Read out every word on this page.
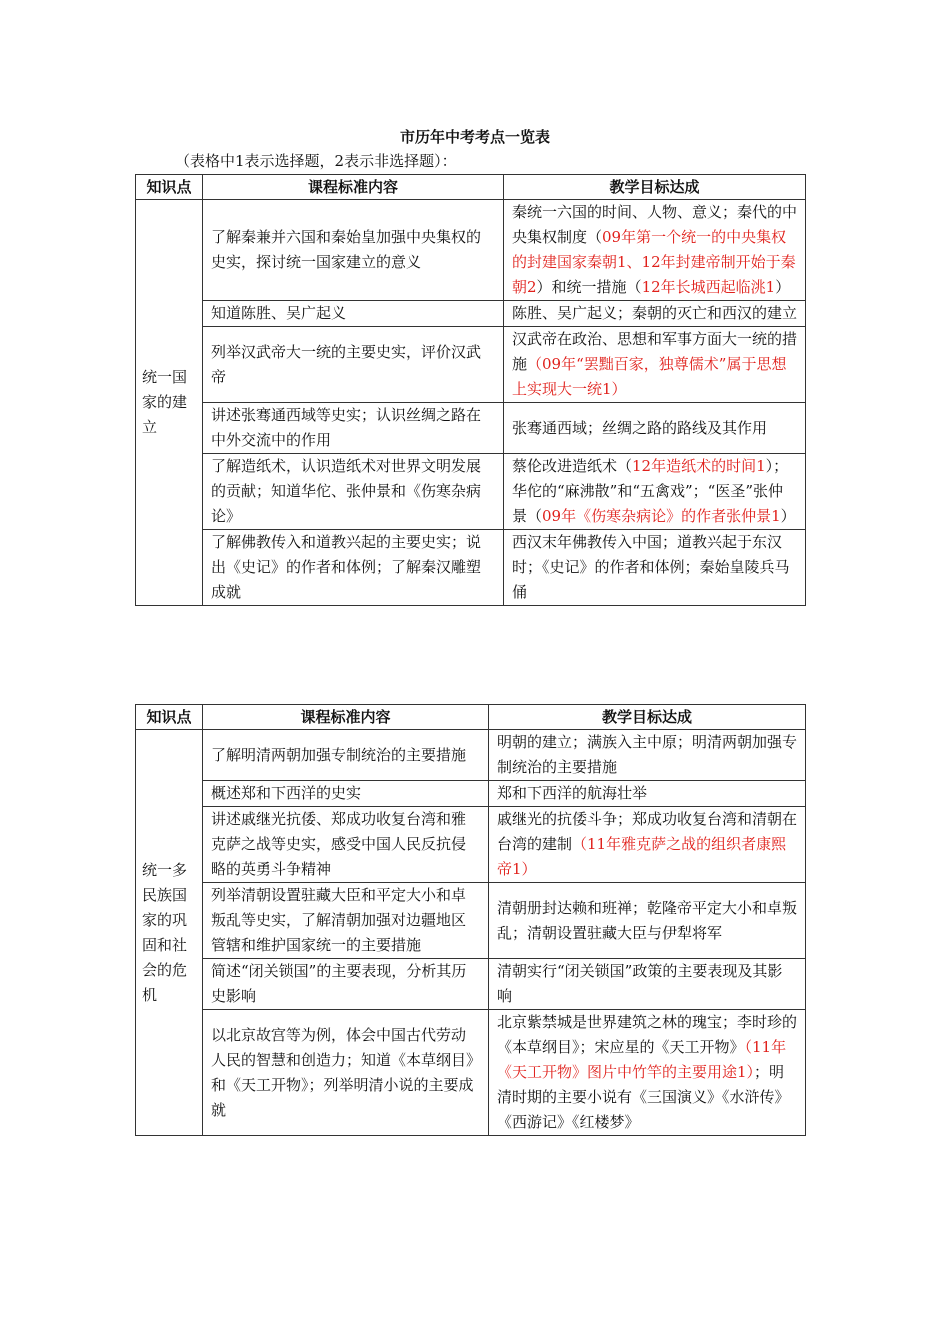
市历年中考考点一览表
（表格中1表示选择题，2表示非选择题）：
知识点	课程标准内容	教学目标达成
统一国家的建立	了解秦兼并六国和秦始皇加强中央集权的史实，探讨统一国家建立的意义	秦统一六国的时间、人物、意义；秦代的中央集权制度（09年第一个统一的中央集权的封建国家秦朝1、12年封建帝制开始于秦朝2）和统一措施（12年长城西起临洮1）
	知道陈胜、吴广起义	陈胜、吴广起义；秦朝的灭亡和西汉的建立
	列举汉武帝大一统的主要史实，评价汉武帝	汉武帝在政治、思想和军事方面大一统的措施（09年“罢黜百家，独尊儒术”属于思想上实现大一统1）
	讲述张骞通西域等史实；认识丝绸之路在中外交流中的作用	张骞通西域；丝绸之路的路线及其作用
	了解造纸术，认识造纸术对世界文明发展的贡献；知道华佗、张仲景和《伤寒杂病论》	蔡伦改进造纸术（12年造纸术的时间1）；华佗的“麻沸散”和“五禽戏”；“医圣”张仲景（09年《伤寒杂病论》的作者张仲景1）
	了解佛教传入和道教兴起的主要史实；说出《史记》的作者和体例；了解秦汉雕塑成就	西汉末年佛教传入中国；道教兴起于东汉时；《史记》的作者和体例；秦始皇陵兵马俑
知识点	课程标准内容	教学目标达成
统一多民族国家的巩固和社会的危机	了解明清两朝加强专制统治的主要措施	明朝的建立；满族入主中原；明清两朝加强专制统治的主要措施
	概述郑和下西洋的史实	郑和下西洋的航海壮举
	讲述戚继光抗倭、郑成功收复台湾和雅克萨之战等史实，感受中国人民反抗侵略的英勇斗争精神	戚继光的抗倭斗争；郑成功收复台湾和清朝在台湾的建制（11年雅克萨之战的组织者康熙帝1）
	列举清朝设置驻藏大臣和平定大小和卓叛乱等史实，了解清朝加强对边疆地区管辖和维护国家统一的主要措施	清朝册封达赖和班禅；乾隆帝平定大小和卓叛乱；清朝设置驻藏大臣与伊犁将军
	简述“闭关锁国”的主要表现，分析其历史影响	清朝实行“闭关锁国”政策的主要表现及其影响
	以北京故宫等为例，体会中国古代劳动人民的智慧和创造力；知道《本草纲目》和《天工开物》；列举明清小说的主要成就	北京紫禁城是世界建筑之林的瑰宝；李时珍的《本草纲目》；宋应星的《天工开物》（11年《天工开物》图片中竹竿的主要用途1）；明清时期的主要小说有《三国演义》《水浒传》《西游记》《红楼梦》
